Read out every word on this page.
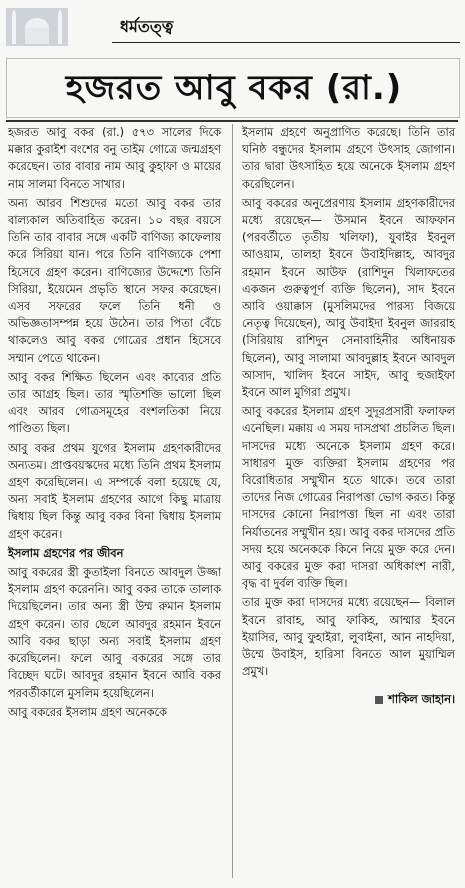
ধর্মতত্ত্ব
হজরত আবু বকর (রা.)

হজরত আবু বকর (রা.) ৫৭৩ সালের দিকে মক্কার কুরাইশ বংশের বনু তাইম গোত্রে জন্মগ্রহণ করেছেন। তার বাবার নাম আবু কুহাফা ও মায়ের নাম সালমা বিনতে সাখার।

অন্য আরব শিশুদের মতো আবু বকর তার বাল্যকাল অতিবাহিত করেন। ১০ বছর বয়সে তিনি তার বাবার সঙ্গে একটি বাণিজ্য কাফেলায় করে সিরিয়া যান। পরে তিনি বাণিজ্যকে পেশা হিসেবে গ্রহণ করেন। বাণিজ্যের উদ্দেশ্যে তিনি সিরিয়া, ইয়েমেন প্রভৃতি স্থানে সফর করেছেন। এসব সফরের ফলে তিনি ধনী ও অভিজ্ঞতাসম্পন্ন হয়ে উঠেন। তার পিতা বেঁচে থাকলেও আবু বকর গোত্রের প্রধান হিসেবে সম্মান পেতে থাকেন।

আবু বকর শিক্ষিত ছিলেন এবং কাব্যের প্রতি তার আগ্রহ ছিল। তার স্মৃতিশক্তি ভালো ছিল এবং আরব গোত্রসমূহের বংশলতিকা নিয়ে পাণ্ডিত্য ছিল।

আবু বকর প্রথম যুগের ইসলাম গ্রহণকারীদের অন্যতম। প্রাপ্তবয়স্কদের মধ্যে তিনি প্রথম ইসলাম গ্রহণ করেছিলেন। এ সম্পর্কে বলা হয়েছে যে, অন্য সবাই ইসলাম গ্রহণের আগে কিছু মাত্রায় দ্বিধায় ছিল কিন্তু আবু বকর বিনা দ্বিধায় ইসলাম গ্রহণ করেন।

ইসলাম গ্রহণের পর জীবন

আবু বকরের স্ত্রী কুতাইলা বিনতে আবদুল উজ্জা ইসলাম গ্রহণ করেননি। আবু বকর তাকে তালাক দিয়েছিলেন। তার অন্য স্ত্রী উম্ম রুমান ইসলাম গ্রহণ করেন। তার ছেলে আবদুর রহমান ইবনে আবি বকর ছাড়া অন্য সবাই ইসলাম গ্রহণ করেছিলেন। ফলে আবু বকরের সঙ্গে তার বিচ্ছেদ ঘটে। আবদুর রহমান ইবনে আবি বকর পরবর্তীকালে মুসলিম হয়েছিলেন।

আবু বকরের ইসলাম গ্রহণ অনেককে

ইসলাম গ্রহণে অনুপ্রাণিত করেছে। তিনি তার ঘনিষ্ঠ বন্ধুদের ইসলাম গ্রহণে উৎসাহ জোগান। তার দ্বারা উৎসাহিত হয়ে অনেকে ইসলাম গ্রহণ করেছিলেন।

আবু বকরের অনুপ্রেরণায় ইসলাম গ্রহণকারীদের মধ্যে রয়েছেন— উসমান ইবনে আফফান (পরবর্তীতে তৃতীয় খলিফা), যুবাইর ইবনুল আওয়াম, তালহা ইবনে উবাইদিল্লাহ, আবদুর রহমান ইবনে আউফ (রাশিদুন খিলাফতের একজন গুরুত্বপূর্ণ ব্যক্তি ছিলেন), সাদ ইবনে আবি ওয়াক্কাস (মুসলিমদের পারস্য বিজয়ে নেতৃত্ব দিয়েছেন), আবু উবাইদা ইবনুল জাররাহ (সিরিয়ায় রাশিদুন সেনাবাহিনীর অধিনায়ক ছিলেন), আবু সালামা আবদুল্লাহ ইবনে আবদুল আসাদ, খালিদ ইবনে সাইদ, আবু হুজাইফা ইবনে আল মুগিরা প্রমুখ।

আবু বকরের ইসলাম গ্রহণ সুদূরপ্রসারী ফলাফল এনেছিল। মক্কায় এ সময় দাসপ্রথা প্রচলিত ছিল। দাসদের মধ্যে অনেকে ইসলাম গ্রহণ করে। সাধারণ মুক্ত ব্যক্তিরা ইসলাম গ্রহণের পর বিরোধিতার সম্মুখীন হতে থাকে। তবে তারা তাদের নিজ গোত্রের নিরাপত্তা ভোগ করত। কিন্তু দাসদের কোনো নিরাপত্তা ছিল না এবং তারা নির্যাতনের সম্মুখীন হয়। আবু বকর দাসদের প্রতি সদয় হয়ে অনেককে কিনে নিয়ে মুক্ত করে দেন। আবু বকরের মুক্ত করা দাসরা অধিকাংশ নারী, বৃদ্ধ বা দুর্বল ব্যক্তি ছিল।

তার মুক্ত করা দাসদের মধ্যে রয়েছেন— বিলাল ইবনে রাবাহ, আবু ফাকিহ, আম্মার ইবনে ইয়াসির, আবু ফুহাইরা, লুবাইনা, আন নাহদিয়া, উম্মে উবাইস, হারিসা বিনতে আল মুয়াম্মিল প্রমুখ।

শাকিল জাহান।
